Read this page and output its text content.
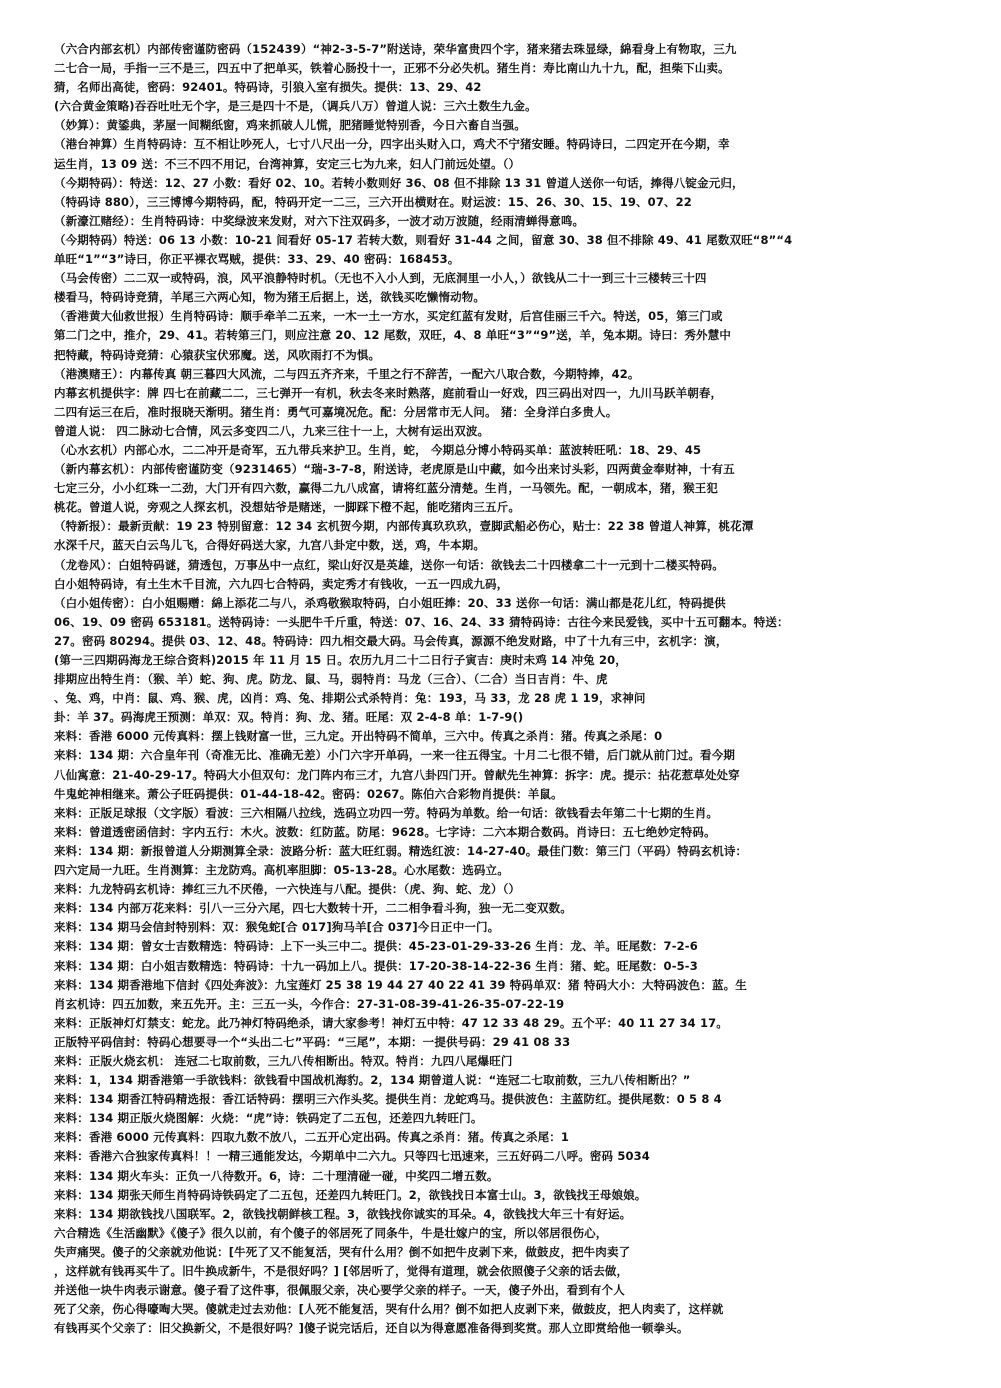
（六合内部玄机）内部传密谨防密码（152439）“神2-3-5-7”附送诗，荣华富贵四个字，猪来猪去珠显绿，綿看身上有物取，三九
二七合一局，手指一三不是三，四五中了把单买，铁着心肠投十一，正邪不分必失机。猪生肖：寿比南山九十九，配，担柴下山卖。
猜，名师出高徒，密码：92401。特码诗，引狼入室有损失。提供：13、29、42
(六合黄金策略)吞吞吐吐无个字，是三是四十不是，（调兵八万）曾道人说：三六土数生九金。
（妙算）：黄鋈典，茅屋一间糊纸窗，鸡来抓破人儿慌，肥猪睡觉特别香，今日六畜自当强。
（港台神算）生肖特码诗：互不相让吵死人，七寸八尺出一分，四字出头财入口，鸡犬不宁猪安睡。特码诗曰，二四定开在今期，幸
运生肖，13 09 送：不三不四不用记，台湾神算，安定三七为九来，妇人门前远处望。（）
（今期特码）：特送：12、27 小数：看好 02、10。若转小数则好 36、08 但不排除 13 31 曾道人送你一句话，捧得八锭金元归，
（特码诗 880），三三博博今期特码，配，特码开定一二三，三六开出横财在。财运波：15、26、30、15、19、07、22
（新濠江赌经）：生肖特码诗：中奖绿波来发财，对六下注双码多，一波才动万波随，经雨清蝉得意鸣。
（今期特码）特送：06 13 小数：10-21 间看好 05-17 若转大数，则看好 31-44 之间，留意 30、38 但不排除 49、41 尾数双旺“8”“4
单旺“1”“3”诗曰，你正平裸衣骂贼，提供：33、29、40 密码：168453。
（马会传密）二二双一或特码，浪，风平浪静特时机。（无也不入小人到，无底洞里一小人，）欲钱从二十一到三十三楼转三十四
楼看马，特码诗竞猜，羊尾三六两心知，物为猪王后据上，送，欲钱买吃懒惰动物。
（香港黄大仙救世报）生肖特码诗：顺手牵羊二五来，一木一土一方水，买定红蓝有发财，后宫佳丽三千六。特送，05，第三门或
第二门之中，推介，29、41。若转第三门，则应注意 20、12 尾数，双旺，4、8 单旺“3”“9”送，羊，兔本期。诗曰：秀外慧中
把特藏，特码诗竞猜：心猿获宝伏邪魔。送，风吹雨打不为惧。
（港澳赌王）：内幕传真 朝三暮四大风流，二与四五齐齐来，千里之行不辞苦，一配六八取合数，今期特捧，42。
内幕玄机提供字：牌 四七在前藏二二，三七弹开一有机，秋去冬来时熟落，庭前看山一好戏，四三码出对四一，九川马跃羊朝春，
二四有运三在后，准时报晓天渐明。猪生肖：勇气可嘉境况危。配：分居常市无人问。 猪：全身洋白多贵人。
曾道人说： 四二脉动七合情，风云多变四二八，九来三往十一上，大树有运出双波。
（心水玄机）内部心水，二二冲开是奇军，五九带兵来护卫。生肖，蛇， 今期总分博小特码买单：蓝波转旺吼：18、29、45
（新内幕玄机）：内部传密谨防变（9231465）“瑞-3-7-8，附送诗，老虎原是山中藏，如今出来讨头彩，四两黄金奉财神，十有五
七定三分，小小红珠一二劲，大门开有四六数，赢得二九八成富，请将红蓝分清楚。生肖，一马领先。配，一朝成本，猪，猴王犯
桃花。曾道人说，旁观之人探玄机，没想姑爷是赌迷，一脚踩下橙不起，能吃猪肉三五斤。
（特新报）：最新贡献：19 23 特别留意：12 34 玄机贺今期，内部传真玖玖玖，壹脚武船必伤心，贴士：22 38 曾道人神算，桃花潭
水深千尺，蓝天白云鸟儿飞，合得好码送大家，九宫八卦定中数，送，鸡，牛本期。
（龙卷风）：白姐特码谜，猜透包，万事丛中一点红，梁山好汉是英雄，送你一句话：欲钱去二十四楼拿二十一元到十二楼买特码。
白小姐特码诗，有土生木千目流，六九四七合特码，卖定秀才有钱收，一五一四成九码，
（白小姐传密）：白小姐赐赠：綿上添花二与八，杀鸡敬猴取特码，白小姐旺捧：20、33 送你一句话：满山都是花儿红，特码提供
06、19、09 密码 653181。送特码诗：一头肥牛千斤重，特送：07、16、24、33 猜特码诗：古往今来民爱钱，买中十五可翻本。特送：
27。密码 80294。提供 03、12、48。特码诗：四九相交最大码。马会传真，源源不绝发财路，中了十九有三中，玄机字：演，
(第一三四期码海龙王综合资料)2015 年 11 月 15 日。农历九月二十二日行子寅吉：庚时未鸡 14 冲兔 20，
排期应出特生肖：（猴、羊）蛇、狗、虎。防龙、鼠、马，弱特肖：马龙（三合）、（二合）当日吉肖：牛、虎
、兔、鸡，中肖：鼠、鸡、猴、虎，凶肖：鸡、兔、排期公式杀特肖：兔：193，马 33，龙 28 虎 1 19，求神问
卦：羊 37。码海虎王预测：单双：双。特肖：狗、龙、猪。旺尾：双 2-4-8 单：1-7-9()
来料：香港 6000 元传真料：摆上钱财富一世，三九定。开出特码不简单，三六中。传真之杀肖：猪。传真之杀尾：0
来料：134 期：六合皇年刊（奇准无比、准确无差）小门六字开单码，一来一往五得宝。十月二七很不错，后门就从前门过。看今期
八仙寓意：21-40-29-17。特码大小但双句：龙门阵内布三才，九宫八卦四门开。曾献先生神算：拆字：虎。提示：拈花惹草处处穿
牛鬼蛇神相继来。萧公子旺码提供：01-44-18-42。密码：0267。陈伯六合彩物肖提供：羊鼠。
来料：正版足球报（文字版）看波：三六相隔八拉线，选码立功四一劳。特码为单数。给一句话：欲钱看去年第二十七期的生肖。
来料：曾道透密函信封：字内五行：木火。波数：红防蓝。防尾：9628。七字诗：二六本期合数码。肖诗曰：五七绝妙定特码。
来料：134 期：新报曾道人分期测算全录：波路分析：蓝大旺红弱。精选红波：14-27-40。最佳门数：第三门（平码）特码玄机诗：
四六定局一九旺。生肖测算：主龙防鸡。高机率胆脚：05-13-28。心水尾数：选码立。
来料：九龙特码玄机诗：捧红三九不厌倦，一六快连与八配。提供：（虎、狗、蛇、龙）（）
来料：134 内部万花来料：引八一三分六尾，四七大数转十开，二二相争看斗狗，独一无二变双数。
来料：134 期马会信封特别料：双：猴兔蛇[合 017]狗马羊[合 037]今日正中一门。
来料：134 期：曾女士吉数精选：特码诗：上下一头三中二。提供：45-23-01-29-33-26 生肖：龙、羊。旺尾数：7-2-6
来料：134 期：白小姐吉数精选：特码诗：十九一码加上八。提供：17-20-38-14-22-36 生肖：猪、蛇。旺尾数：0-5-3
来料：134 期香港地下信封《四处奔波》：九宝莲灯 25 38 19 44 27 40 22 41 39 特码单双：猪 特码大小：大特码波色：蓝。生
肖玄机诗：四五加数，来五先开。主：三五一头，今作合：27-31-08-39-41-26-35-07-22-19
来料：正版神灯灯禁支：蛇龙。此乃神灯特码绝杀，请大家参考！神灯五中特：47 12 33 48 29。五个平：40 11 27 34 17。
正版特平码信封：特码心想要寻一个“头出二七”平码：“三尾”，本期：一提供号码：29 41 08 33
来料：正版火烧玄机： 连冠二七取前数，三九八传相断出。特双。特肖：九四八尾爆旺门
来料：1，134 期香港第一手欲钱料：欲钱看中国战机海豹。2，134 期曾道人说：“连冠二七取前数，三九八传相断出？”
来料：134 期香江特码精选报：香江话特码：摆明三六作头奖。提供生肖：龙蛇鸡马。提供波色：主蓝防红。提供尾数：0 5 8 4
来料：134 期正版火烧图解：火烧：“虎”诗：铁码定了二五包，还差四九转旺门。
来料：香港 6000 元传真料：四取九数不放八，二五开心定出码。传真之杀肖：猪。传真之杀尾：1
来料：香港六合独家传真料！！一精三通能发达，今期单中二六九。只等四七迅速来，三五好码二八呼。密码 5034
来料：134 期火车头：正负一八待数开。6，诗：二十理清碰一碰，中奖四二增五数。
来料：134 期张天师生肖特码诗铁码定了二五包，还差四九转旺门。2，欲钱找日本富士山。3，欲钱找王母娘娘。
来料：134 期欲钱找八国联军。2，欲钱找朝鲜核工程。3，欲钱找你诚实的耳朵。4，欲钱找大年三十有好运。
六合精选《生活幽默》《傻子》很久以前，有个傻子的邻居死了同条牛，牛是壮嫁户的宝，所以邻居很伤心，
失声痛哭。傻子的父亲就劝他说：[牛死了又不能复活，哭有什么用？倒不如把牛皮剥下来，做鼓皮，把牛肉卖了
，这样就有钱再买牛了。旧牛换成新牛，不是很好吗？] [邻居听了，觉得有道理，就会依照傻子父亲的话去做，
并送他一块牛肉表示谢意。傻子看了这件事，很佩服父亲，决心要学父亲的样子。一天，傻子外出，看到有个人
死了父亲，伤心得嚎啕大哭。傻就走过去劝他：[人死不能复活，哭有什么用？倒不如把人皮剥下来，做鼓皮，把人肉卖了，这样就
有钱再买个父亲了：旧父换新父，不是很好吗？]傻子说完话后，还自以为得意愿准备得到奖赏。那人立即赏给他一顿拳头。
